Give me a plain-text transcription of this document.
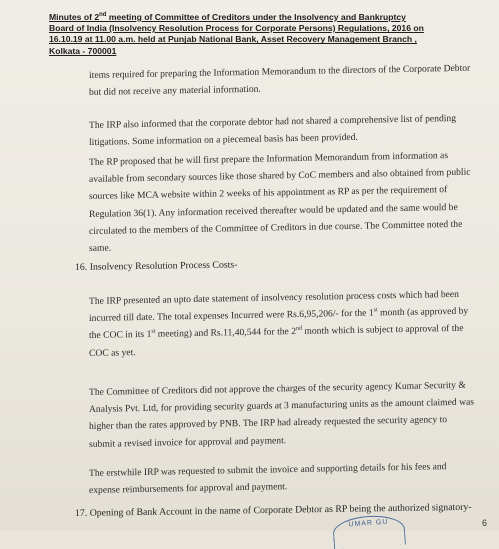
Minutes of 2nd meeting of Committee of Creditors under the Insolvency and Bankruptcy
Board of India (Insolvency Resolution Process for Corporate Persons) Regulations, 2016 on
16.10.19 at 11.00 a.m. held at Punjab National Bank, Asset Recovery Management Branch ,
Kolkata - 700001
items required for preparing the Information Memorandum to the directors of the Corporate Debtor but did not receive any material information.
The IRP also informed that the corporate debtor had not shared a comprehensive list of pending litigations. Some information on a piecemeal basis has been provided.
The RP proposed that he will first prepare the Information Memorandum from information as available from secondary sources like those shared by CoC members and also obtained from public sources like MCA website within 2 weeks of his appointment as RP as per the requirement of Regulation 36(1). Any information received thereafter would be updated and the same would be circulated to the members of the Committee of Creditors in due course. The Committee noted the same.
16. Insolvency Resolution Process Costs-
The IRP presented an upto date statement of insolvency resolution process costs which had been incurred till date. The total expenses Incurred were Rs.6,95,206/- for the 1st month (as approved by the COC in its 1st meeting) and Rs.11,40,544 for the 2nd month which is subject to approval of the COC as yet.
The Committee of Creditors did not approve the charges of the security agency Kumar Security & Analysis Pvt. Ltd, for providing security guards at 3 manufacturing units as the amount claimed was higher than the rates approved by PNB. The IRP had already requested the security agency to submit a revised invoice for approval and payment.
The erstwhile IRP was requested to submit the invoice and supporting details for his fees and expense reimbursements for approval and payment.
17. Opening of Bank Account in the name of Corporate Debtor as RP being the authorized signatory-
UMAR GU	6
